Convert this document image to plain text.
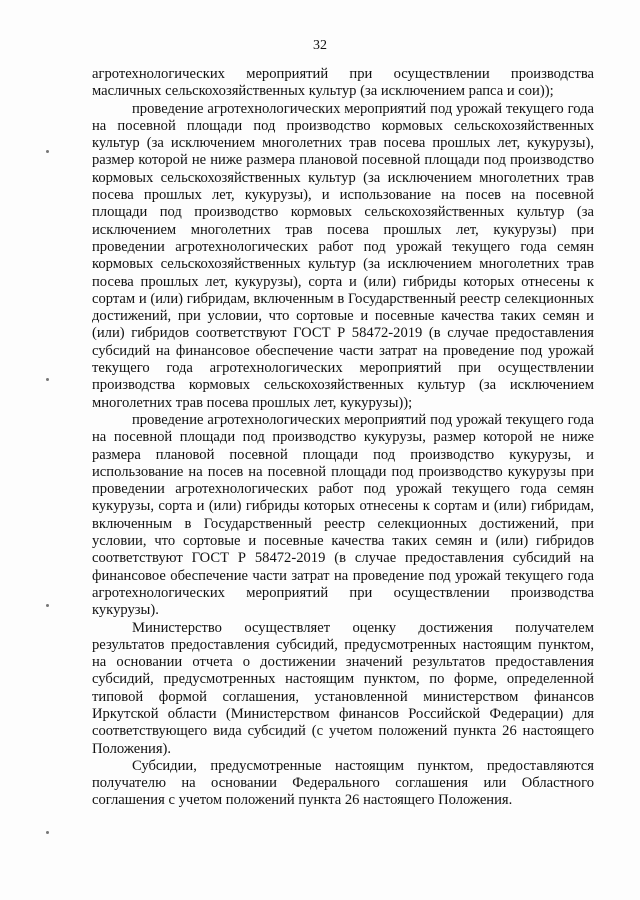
32

агротехнологических мероприятий при осуществлении производства масличных сельскохозяйственных культур (за исключением рапса и сои));

проведение агротехнологических мероприятий под урожай текущего года на посевной площади под производство кормовых сельскохозяйственных культур (за исключением многолетних трав посева прошлых лет, кукурузы), размер которой не ниже размера плановой посевной площади под производство кормовых сельскохозяйственных культур (за исключением многолетних трав посева прошлых лет, кукурузы), и использование на посев на посевной площади под производство кормовых сельскохозяйственных культур (за исключением многолетних трав посева прошлых лет, кукурузы) при проведении агротехнологических работ под урожай текущего года семян кормовых сельскохозяйственных культур (за исключением многолетних трав посева прошлых лет, кукурузы), сорта и (или) гибриды которых отнесены к сортам и (или) гибридам, включенным в Государственный реестр селекционных достижений, при условии, что сортовые и посевные качества таких семян и (или) гибридов соответствуют ГОСТ Р 58472-2019 (в случае предоставления субсидий на финансовое обеспечение части затрат на проведение под урожай текущего года агротехнологических мероприятий при осуществлении производства кормовых сельскохозяйственных культур (за исключением многолетних трав посева прошлых лет, кукурузы));

проведение агротехнологических мероприятий под урожай текущего года на посевной площади под производство кукурузы, размер которой не ниже размера плановой посевной площади под производство кукурузы, и использование на посев на посевной площади под производство кукурузы при проведении агротехнологических работ под урожай текущего года семян кукурузы, сорта и (или) гибриды которых отнесены к сортам и (или) гибридам, включенным в Государственный реестр селекционных достижений, при условии, что сортовые и посевные качества таких семян и (или) гибридов соответствуют ГОСТ Р 58472-2019 (в случае предоставления субсидий на финансовое обеспечение части затрат на проведение под урожай текущего года агротехнологических мероприятий при осуществлении производства кукурузы).

Министерство осуществляет оценку достижения получателем результатов предоставления субсидий, предусмотренных настоящим пунктом, на основании отчета о достижении значений результатов предоставления субсидий, предусмотренных настоящим пунктом, по форме, определенной типовой формой соглашения, установленной министерством финансов Иркутской области (Министерством финансов Российской Федерации) для соответствующего вида субсидий (с учетом положений пункта 26 настоящего Положения).

Субсидии, предусмотренные настоящим пунктом, предоставляются получателю на основании Федерального соглашения или Областного соглашения с учетом положений пункта 26 настоящего Положения.
